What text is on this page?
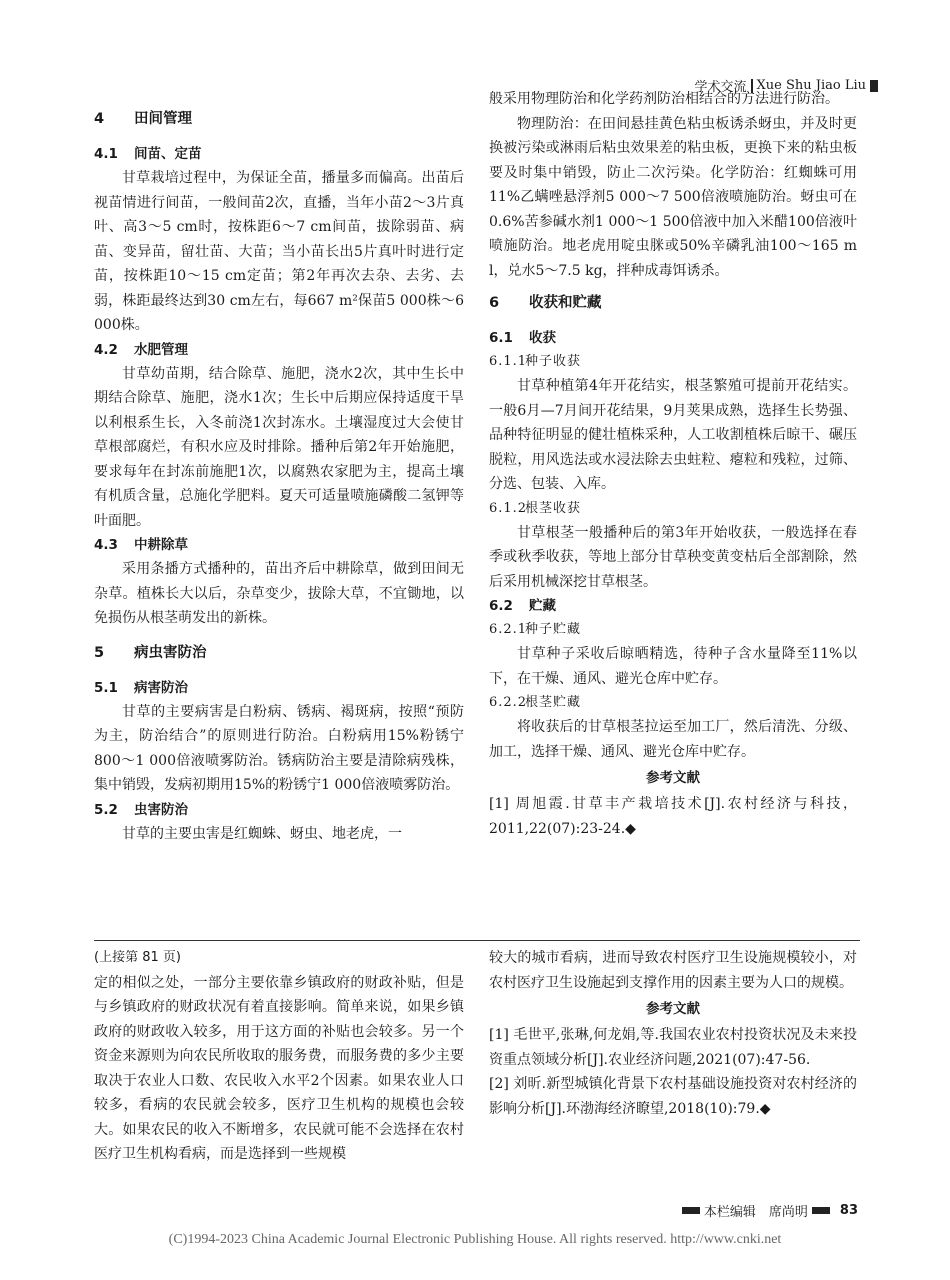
学术交流 Xue Shu Jiao Liu
4 田间管理
4.1 间苗、定苗

甘草栽培过程中，为保证全苗，播量多而偏高。出苗后视苗情进行间苗，一般间苗2次，直播，当年小苗2～3片真叶、高3～5 cm时，按株距6～7 cm间苗，拔除弱苗、病苗、变异苗，留壮苗、大苗；当小苗长出5片真叶时进行定苗，按株距10～15 cm定苗；第2年再次去杂、去劣、去弱，株距最终达到30 cm左右，每667 m²保苗5 000株～6 000株。

4.2 水肥管理

甘草幼苗期，结合除草、施肥，浇水2次，其中生长中期结合除草、施肥，浇水1次；生长中后期应保持适度干旱以利根系生长，入冬前浇1次封冻水。土壤湿度过大会使甘草根部腐烂，有积水应及时排除。播种后第2年开始施肥，要求每年在封冻前施肥1次，以腐熟农家肥为主，提高土壤有机质含量，总施化学肥料。夏天可适量喷施磷酸二氢钾等叶面肥。

4.3 中耕除草

采用条播方式播种的，苗出齐后中耕除草，做到田间无杂草。植株长大以后，杂草变少，拔除大草，不宜锄地，以免损伤从根茎萌发出的新株。

5 病虫害防治
5.1 病害防治

甘草的主要病害是白粉病、锈病、褐斑病，按照“预防为主，防治结合”的原则进行防治。白粉病用15%粉锈宁800～1 000倍液喷雾防治。锈病防治主要是清除病残株，集中销毁，发病初期用15%的粉锈宁1 000倍液喷雾防治。

5.2 虫害防治

甘草的主要虫害是红蜘蛛、蚜虫、地老虎，一

般采用物理防治和化学药剂防治相结合的方法进行防治。

物理防治：在田间悬挂黄色粘虫板诱杀蚜虫，并及时更换被污染或淋雨后粘虫效果差的粘虫板，更换下来的粘虫板要及时集中销毁，防止二次污染。化学防治：红蜘蛛可用11%乙螨唑悬浮剂5 000～7 500倍液喷施防治。蚜虫可在0.6%苦参碱水剂1 000～1 500倍液中加入米醋100倍液叶喷施防治。地老虎用啶虫脒或50%辛磷乳油100～165 m l，兑水5～7.5 kg，拌种成毒饵诱杀。

6 收获和贮藏
6.1 收获
6.1.1种子收获

甘草种植第4年开花结实，根茎繁殖可提前开花结实。一般6月—7月间开花结果，9月荚果成熟，选择生长势强、品种特征明显的健壮植株采种，人工收割植株后晾干、碾压脱粒，用风选法或水浸法除去虫蛀粒、瘪粒和残粒，过筛、分选、包装、入库。

6.1.2根茎收获

甘草根茎一般播种后的第3年开始收获，一般选择在春季或秋季收获，等地上部分甘草秧变黄变枯后全部割除，然后采用机械深挖甘草根茎。

6.2 贮藏
6.2.1种子贮藏

甘草种子采收后晾晒精选，待种子含水量降至11%以下，在干燥、通风、避光仓库中贮存。

6.2.2根茎贮藏

将收获后的甘草根茎拉运至加工厂，然后清洗、分级、加工，选择干燥、通风、避光仓库中贮存。

参考文献

[1] 周旭霞.甘草丰产栽培技术[J].农村经济与科技，2011,22(07):23-24.◆

(上接第 81 页)

定的相似之处，一部分主要依靠乡镇政府的财政补贴，但是与乡镇政府的财政状况有着直接影响。简单来说，如果乡镇政府的财政收入较多，用于这方面的补贴也会较多。另一个资金来源则为向农民所收取的服务费，而服务费的多少主要取决于农业人口数、农民收入水平2个因素。如果农业人口较多，看病的农民就会较多，医疗卫生机构的规模也会较大。如果农民的收入不断增多，农民就可能不会选择在农村医疗卫生机构看病，而是选择到一些规模

较大的城市看病，进而导致农村医疗卫生设施规模较小，对农村医疗卫生设施起到支撑作用的因素主要为人口的规模。

参考文献

[1] 毛世平,张琳,何龙娟,等.我国农业农村投资状况及未来投资重点领域分析[J].农业经济问题,2021(07):47-56.

[2] 刘昕.新型城镇化背景下农村基础设施投资对农村经济的影响分析[J].环渤海经济瞭望,2018(10):79.◆

本栏编辑　席尚明 83
(C)1994-2023 China Academic Journal Electronic Publishing House. All rights reserved. http://www.cnki.net
